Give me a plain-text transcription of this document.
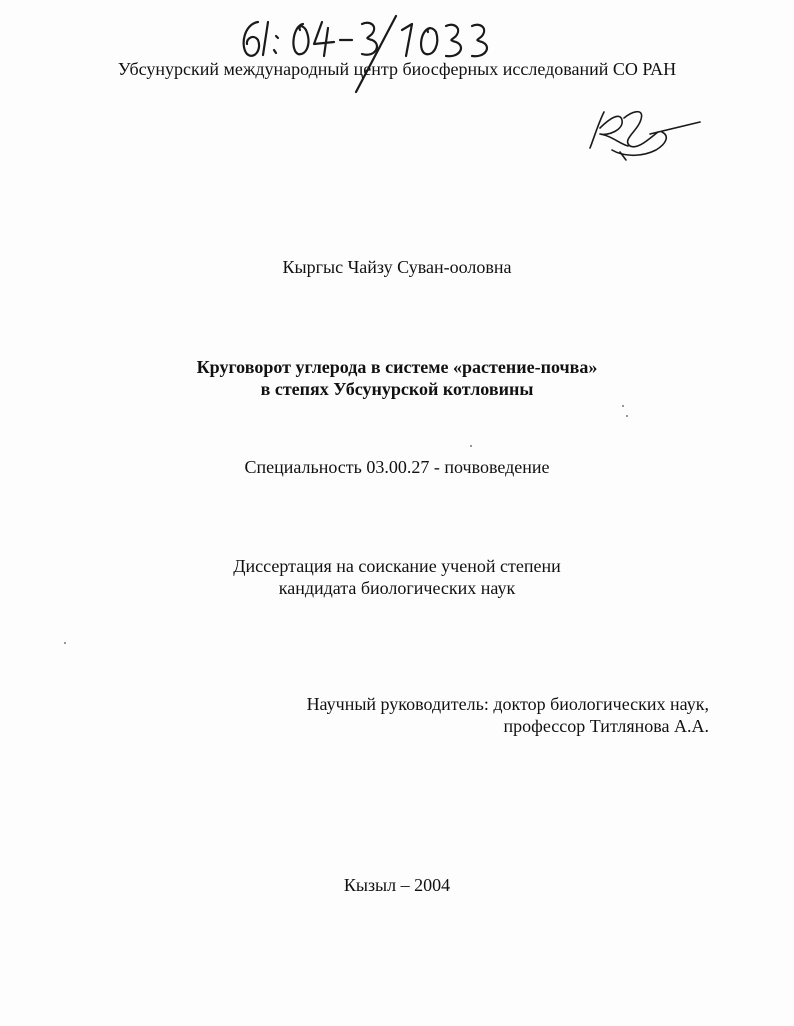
Убсунурский международный центр биосферных исследований СО РАН
Кыргыс Чайзу Суван-ооловна
Круговорот углерода в системе «растение-почва»
в степях Убсунурской котловины
Специальность 03.00.27 - почвоведение
Диссертация на соискание ученой степени
кандидата биологических наук
Научный руководитель: доктор биологических наук,
профессор Титлянова А.А.
Кызыл – 2004
